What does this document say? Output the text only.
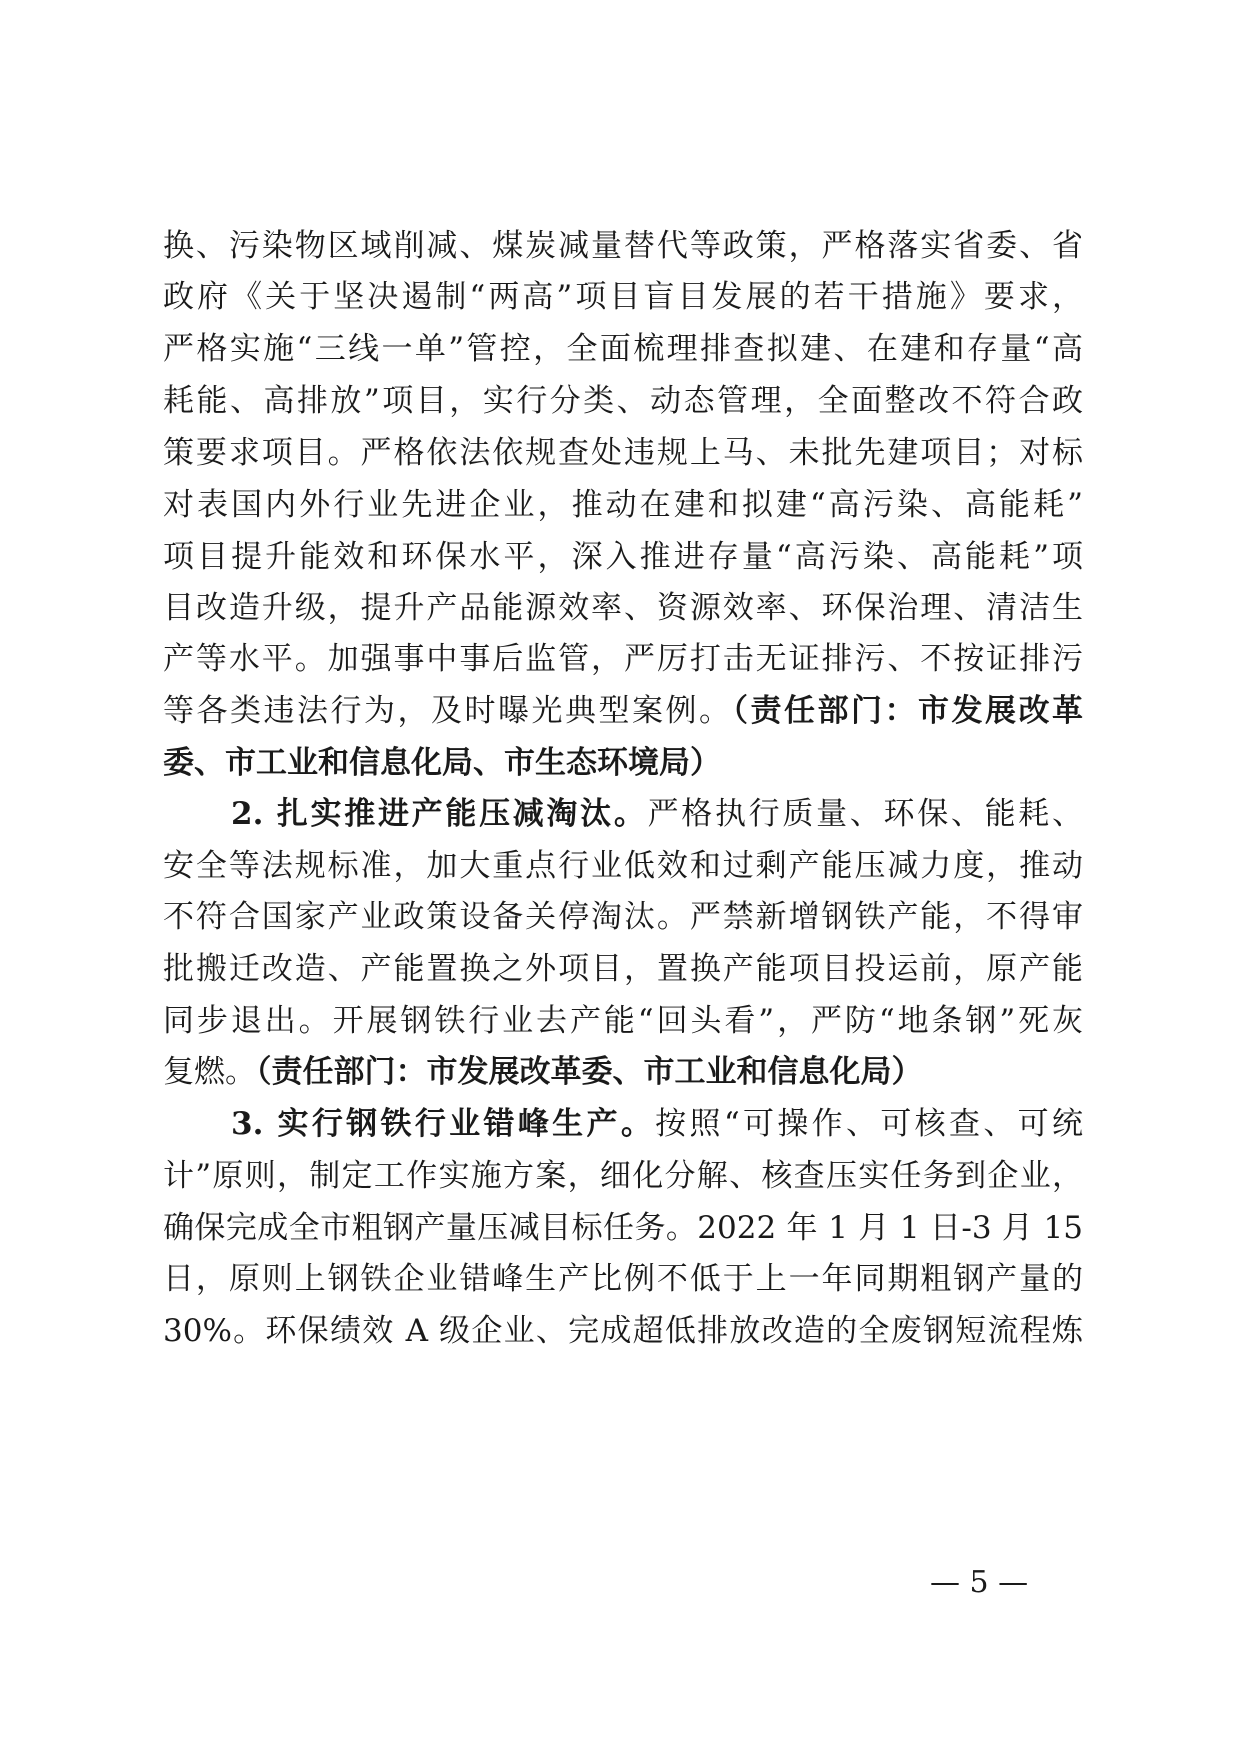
换、污染物区域削减、煤炭减量替代等政策，严格落实省委、省
政府《关于坚决遏制“两高”项目盲目发展的若干措施》要求，
严格实施“三线一单”管控，全面梳理排查拟建、在建和存量“高
耗能、高排放”项目，实行分类、动态管理，全面整改不符合政
策要求项目。严格依法依规查处违规上马、未批先建项目；对标
对表国内外行业先进企业，推动在建和拟建“高污染、高能耗”
项目提升能效和环保水平，深入推进存量“高污染、高能耗”项
目改造升级，提升产品能源效率、资源效率、环保治理、清洁生
产等水平。加强事中事后监管，严厉打击无证排污、不按证排污
等各类违法行为，及时曝光典型案例。（责任部门：市发展改革
委、市工业和信息化局、市生态环境局）
2. 扎实推进产能压减淘汰。严格执行质量、环保、能耗、
安全等法规标准，加大重点行业低效和过剩产能压减力度，推动
不符合国家产业政策设备关停淘汰。严禁新增钢铁产能，不得审
批搬迁改造、产能置换之外项目，置换产能项目投运前，原产能
同步退出。开展钢铁行业去产能“回头看”，严防“地条钢”死灰
复燃。（责任部门：市发展改革委、市工业和信息化局）
3. 实行钢铁行业错峰生产。按照“可操作、可核查、可统
计”原则，制定工作实施方案，细化分解、核查压实任务到企业，
确保完成全市粗钢产量压减目标任务。2022 年 1 月 1 日-3 月 15
日，原则上钢铁企业错峰生产比例不低于上一年同期粗钢产量的
30%。环保绩效 A 级企业、完成超低排放改造的全废钢短流程炼
— 5 —
